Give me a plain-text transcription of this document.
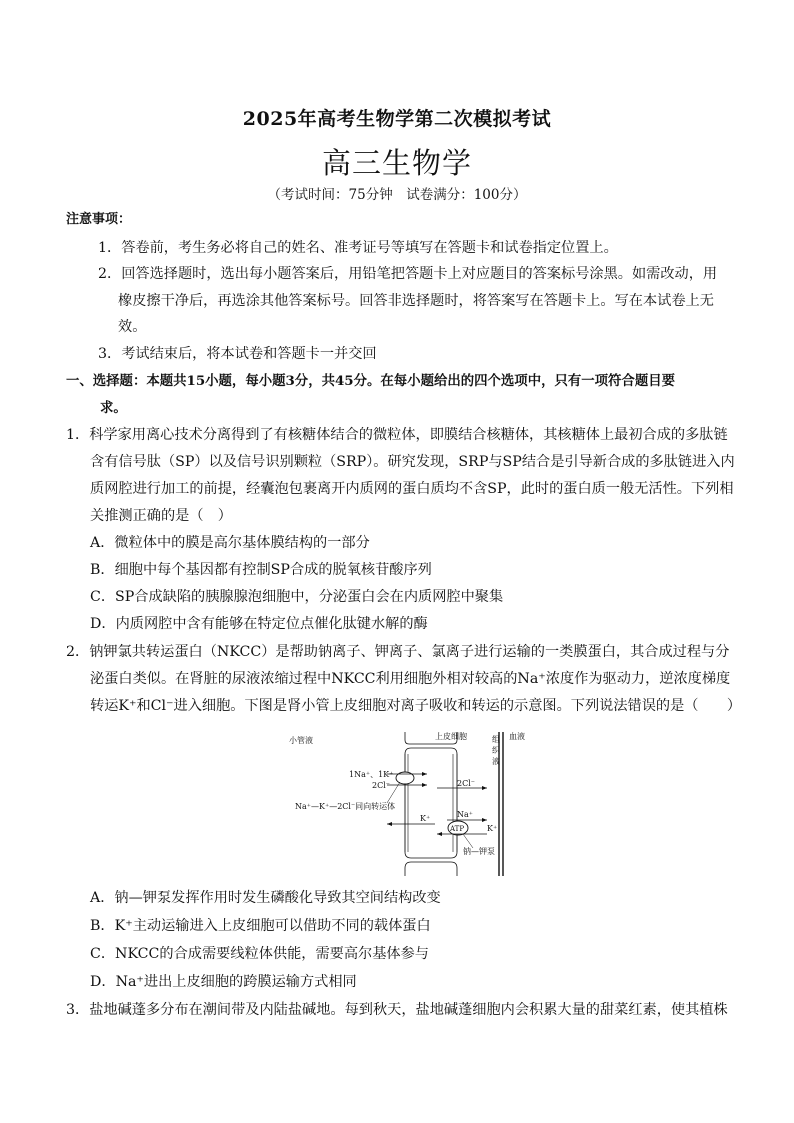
2025年高考生物学第二次模拟考试
高三生物学
（考试时间：75分钟　试卷满分：100分）
注意事项：
1．答卷前，考生务必将自己的姓名、准考证号等填写在答题卡和试卷指定位置上。
2．回答选择题时，选出每小题答案后，用铅笔把答题卡上对应题目的答案标号涂黑。如需改动，用
橡皮擦干净后，再选涂其他答案标号。回答非选择题时，将答案写在答题卡上。写在本试卷上无
效。
3．考试结束后，将本试卷和答题卡一并交回
一、选择题：本题共15小题，每小题3分，共45分。在每小题给出的四个选项中，只有一项符合题目要
求。
1．科学家用离心技术分离得到了有核糖体结合的微粒体，即膜结合核糖体，其核糖体上最初合成的多肽链
含有信号肽（SP）以及信号识别颗粒（SRP）。研究发现，SRP与SP结合是引导新合成的多肽链进入内
质网腔进行加工的前提，经囊泡包裹离开内质网的蛋白质均不含SP，此时的蛋白质一般无活性。下列相
关推测正确的是（　）
A．微粒体中的膜是高尔基体膜结构的一部分
B．细胞中每个基因都有控制SP合成的脱氧核苷酸序列
C．SP合成缺陷的胰腺腺泡细胞中，分泌蛋白会在内质网腔中聚集
D．内质网腔中含有能够在特定位点催化肽键水解的酶
2．钠钾氯共转运蛋白（NKCC）是帮助钠离子、钾离子、氯离子进行运输的一类膜蛋白，其合成过程与分
泌蛋白类似。在肾脏的尿液浓缩过程中NKCC利用细胞外相对较高的Na⁺浓度作为驱动力，逆浓度梯度
转运K⁺和Cl⁻进入细胞。下图是肾小管上皮细胞对离子吸收和转运的示意图。下列说法错误的是（　　）
小管液	上皮细胞	血液
组
织
液
1Na⁺、1K⁺
2Cl⁻
Na⁺—K⁺—2Cl⁻同向转运体
2Cl⁻
K⁺
ATP
Na⁺
K⁺
钠—钾泵
A．钠—钾泵发挥作用时发生磷酸化导致其空间结构改变
B．K⁺主动运输进入上皮细胞可以借助不同的载体蛋白
C．NKCC的合成需要线粒体供能，需要高尔基体参与
D．Na⁺进出上皮细胞的跨膜运输方式相同
3．盐地碱蓬多分布在潮间带及内陆盐碱地。每到秋天，盐地碱蓬细胞内会积累大量的甜菜红素，使其植株
